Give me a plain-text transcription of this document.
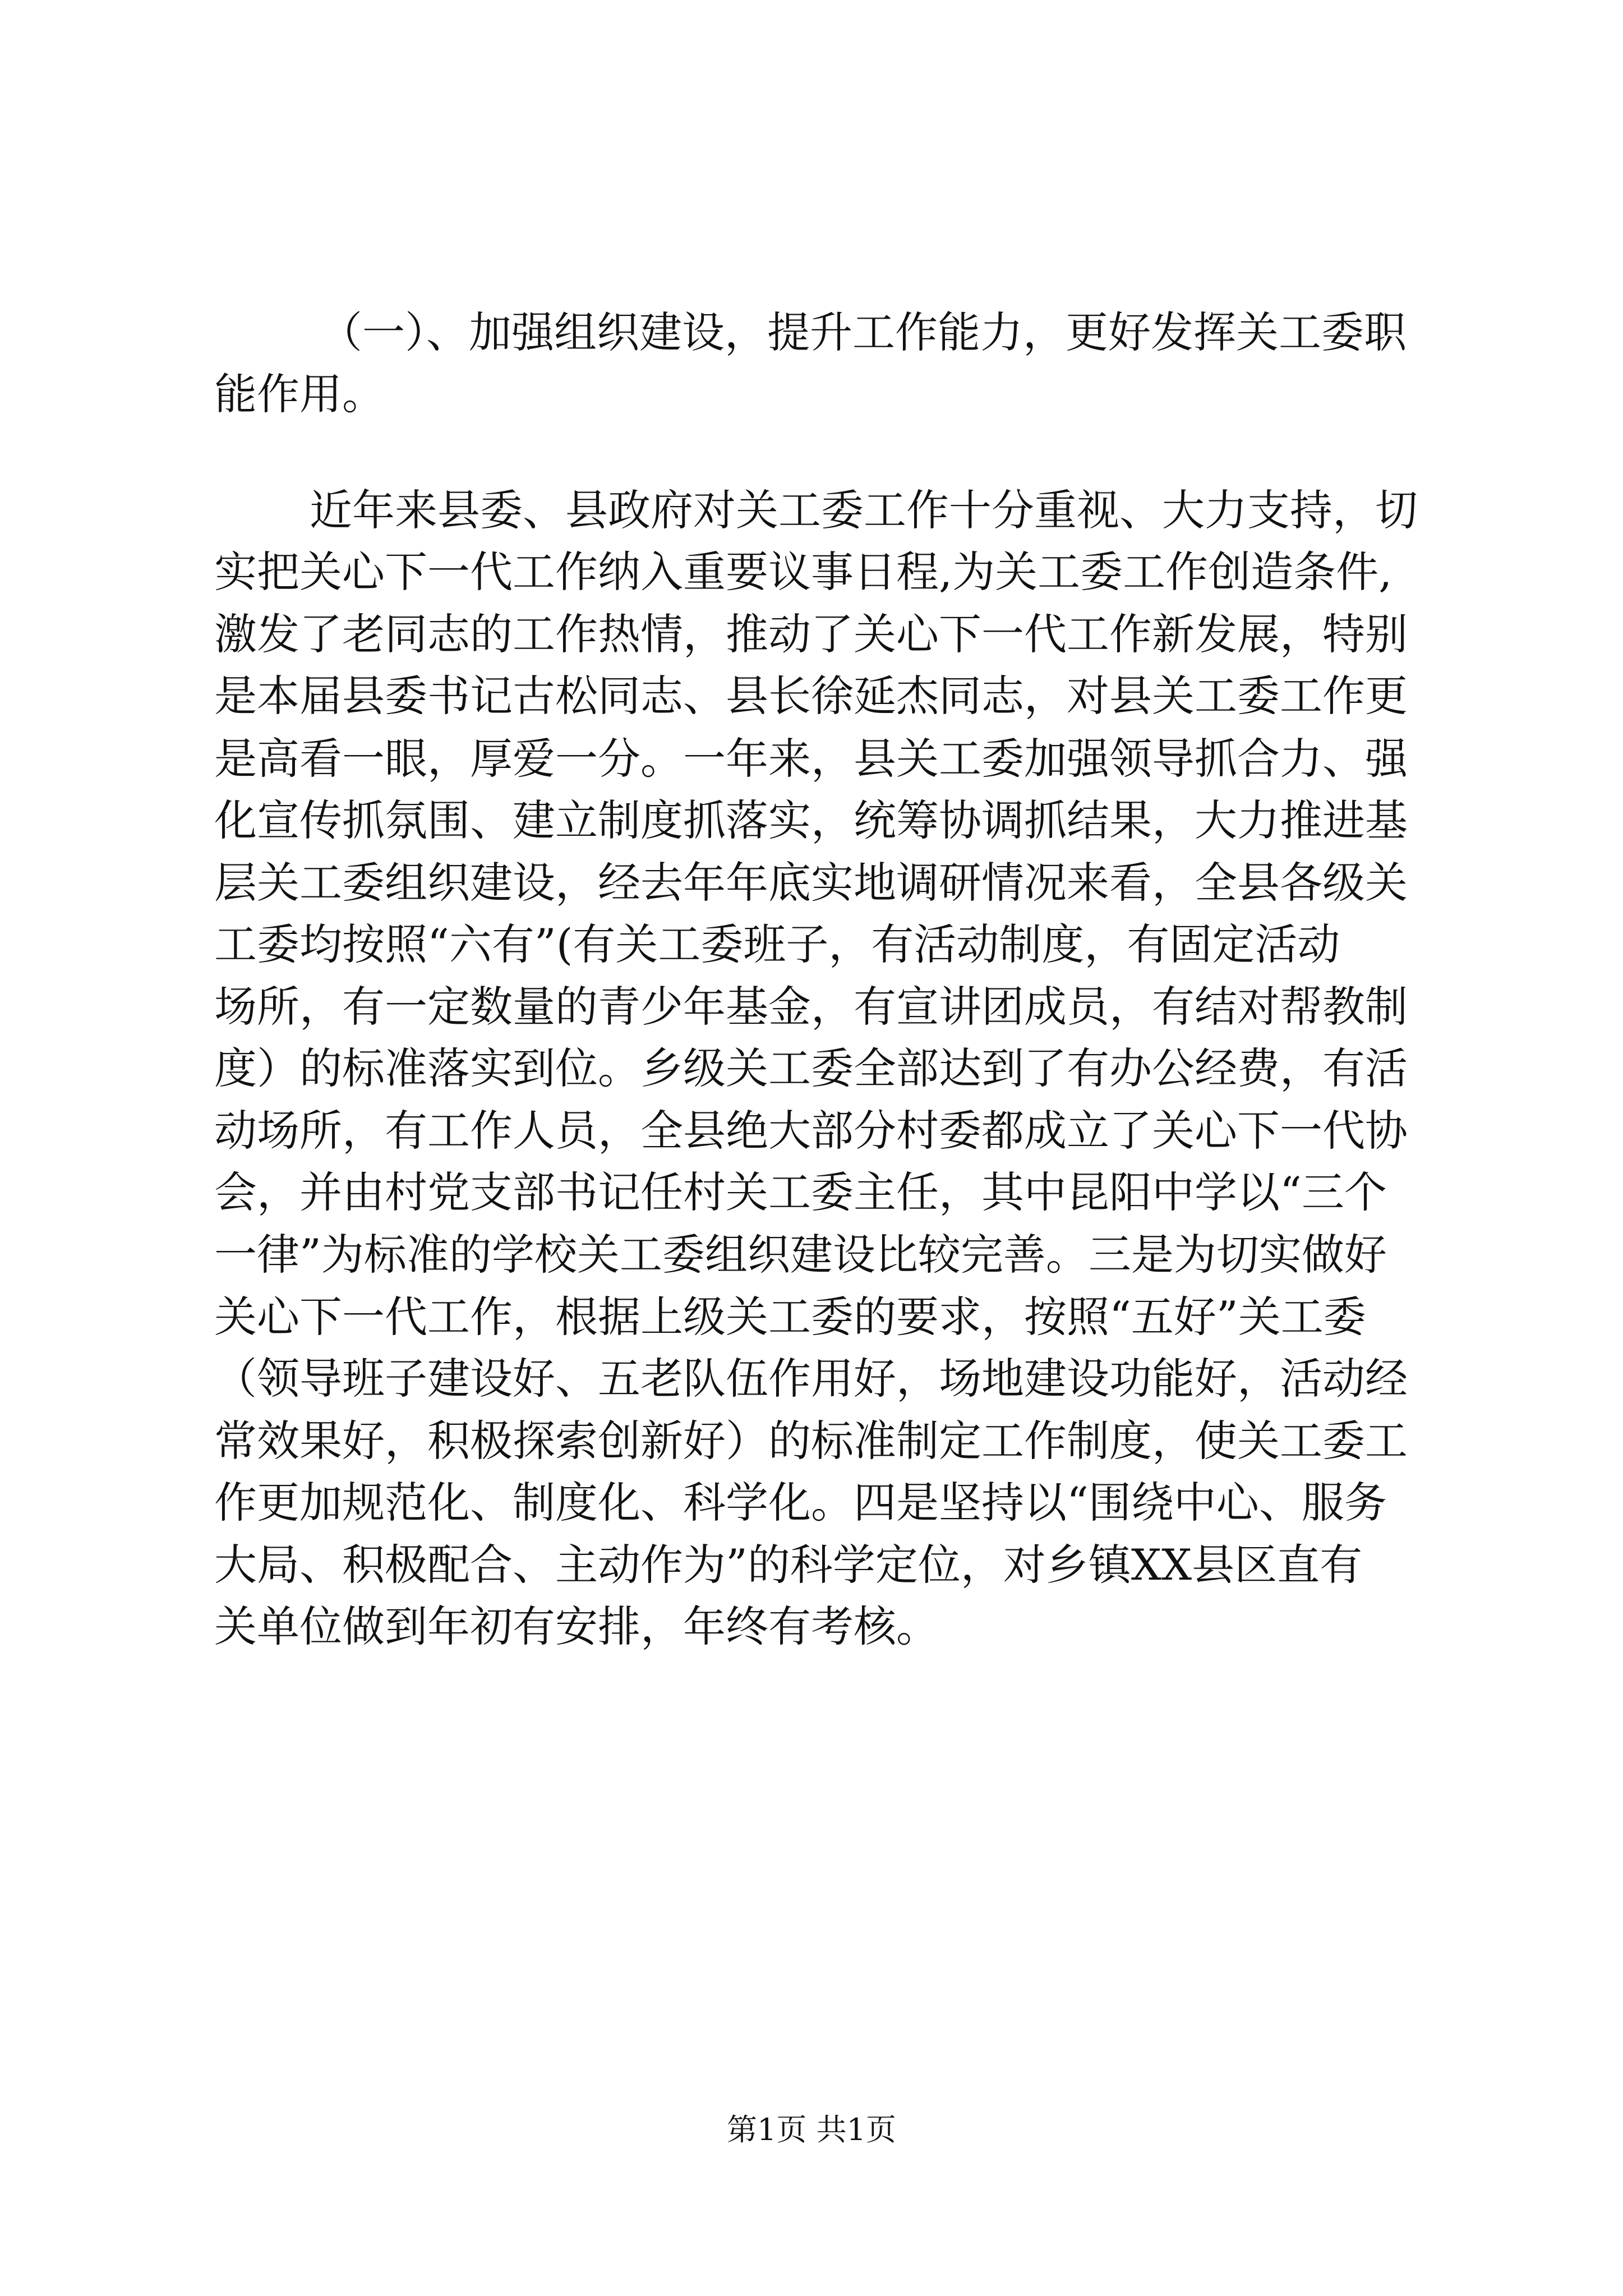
（一）、加强组织建设，提升工作能力，更好发挥关工委职
能作用。
近年来县委、县政府对关工委工作十分重视、大力支持，切
实把关心下一代工作纳入重要议事日程,为关工委工作创造条件,
激发了老同志的工作热情，推动了关心下一代工作新发展，特别
是本届县委书记古松同志、县长徐延杰同志，对县关工委工作更
是高看一眼，厚爱一分。一年来，县关工委加强领导抓合力、强
化宣传抓氛围、建立制度抓落实，统筹协调抓结果，大力推进基
层关工委组织建设，经去年年底实地调研情况来看，全县各级关
工委均按照“六有”(有关工委班子，有活动制度，有固定活动
场所，有一定数量的青少年基金，有宣讲团成员，有结对帮教制
度）的标准落实到位。乡级关工委全部达到了有办公经费，有活
动场所，有工作人员，全县绝大部分村委都成立了关心下一代协
会，并由村党支部书记任村关工委主任，其中昆阳中学以“三个
一律”为标准的学校关工委组织建设比较完善。三是为切实做好
关心下一代工作，根据上级关工委的要求，按照“五好”关工委
（领导班子建设好、五老队伍作用好，场地建设功能好，活动经
常效果好，积极探索创新好）的标准制定工作制度，使关工委工
作更加规范化、制度化、科学化。四是坚持以“围绕中心、服务
大局、积极配合、主动作为”的科学定位，对乡镇XX县区直有
关单位做到年初有安排，年终有考核。
第1页 共1页
